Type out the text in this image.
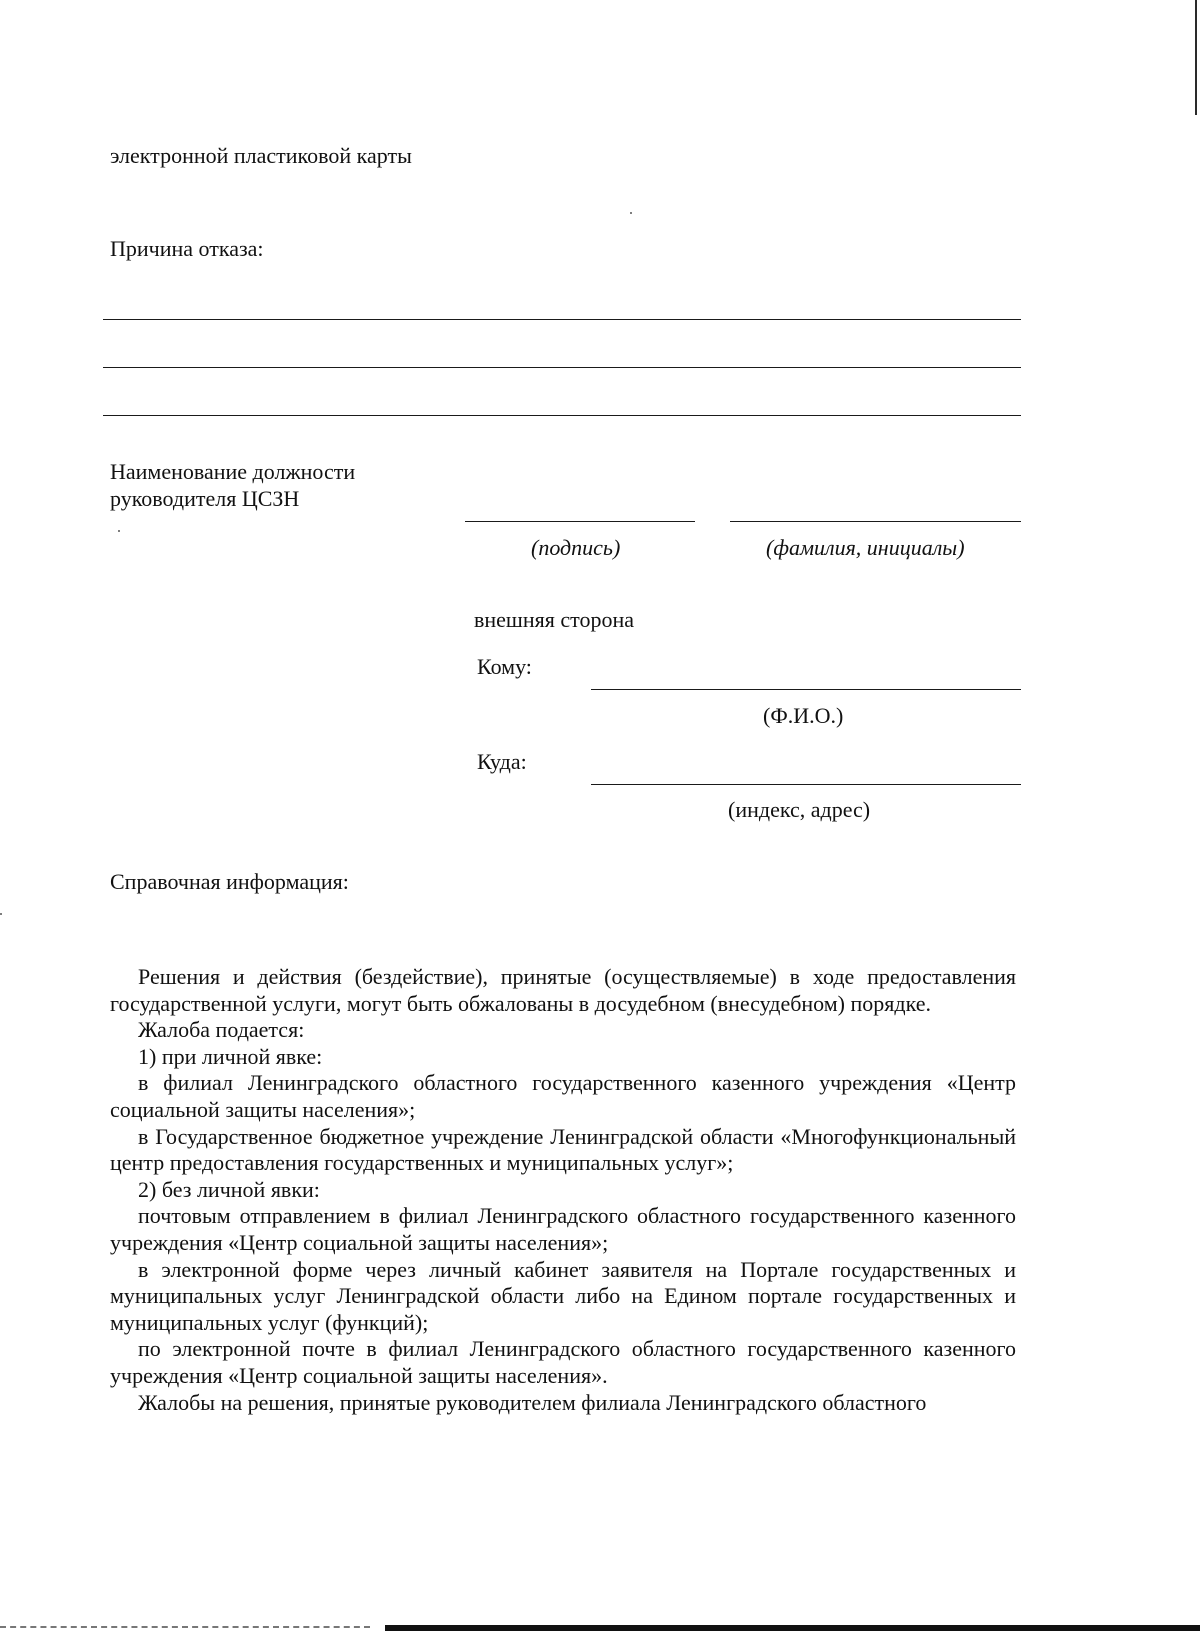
электронной пластиковой карты
Причина отказа:
Наименование должности
руководителя ЦСЗН
(подпись)	(фамилия, инициалы)
внешняя сторона
Кому:
(Ф.И.О.)
Куда:
(индекс, адрес)
Справочная информация:

Решения и действия (бездействие), принятые (осуществляемые) в ходе предоставления государственной услуги, могут быть обжалованы в досудебном (внесудебном) порядке.

Жалоба подается:

1) при личной явке:

в филиал Ленинградского областного государственного казенного учреждения «Центр социальной защиты населения»;

в Государственное бюджетное учреждение Ленинградской области «Многофункциональный центр предоставления государственных и муниципальных услуг»;

2) без личной явки:

почтовым отправлением в филиал Ленинградского областного государственного казенного учреждения «Центр социальной защиты населения»;

в электронной форме через личный кабинет заявителя на Портале государственных и муниципальных услуг Ленинградской области либо на Едином портале государственных и муниципальных услуг (функций);

по электронной почте в филиал Ленинградского областного государственного казенного учреждения «Центр социальной защиты населения».

Жалобы на решения, принятые руководителем филиала Ленинградского областного
